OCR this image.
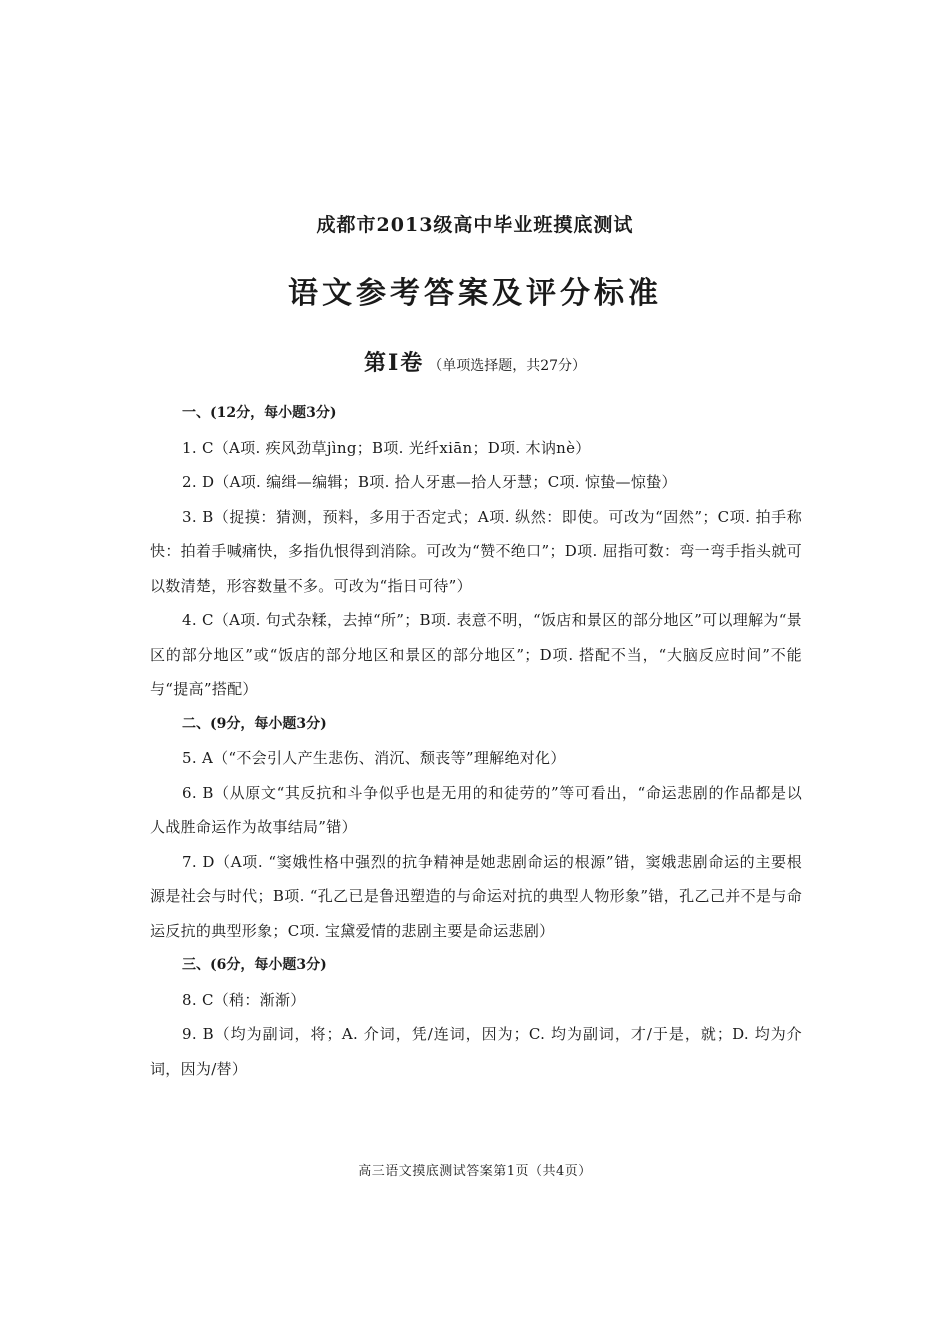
成都市2013级高中毕业班摸底测试
语文参考答案及评分标准
第Ⅰ卷 （单项选择题，共27分）

一、(12分，每小题3分)

1. C（A项. 疾风劲草jìng；B项. 光纤xiān；D项. 木讷nè）

2. D（A项. 编缉—编辑；B项. 拾人牙惠—拾人牙慧；C项. 惊蛰—惊蛰）

3. B（捉摸：猜测，预料，多用于否定式；A项. 纵然：即使。可改为“固然”；C项. 拍手称快：拍着手喊痛快，多指仇恨得到消除。可改为“赞不绝口”；D项. 屈指可数：弯一弯手指头就可以数清楚，形容数量不多。可改为“指日可待”）

4. C（A项. 句式杂糅，去掉“所”；B项. 表意不明，“饭店和景区的部分地区”可以理解为“景区的部分地区”或“饭店的部分地区和景区的部分地区”；D项. 搭配不当，“大脑反应时间”不能与“提高”搭配）

二、(9分，每小题3分)

5. A（“不会引人产生悲伤、消沉、颓丧等”理解绝对化）

6. B（从原文“其反抗和斗争似乎也是无用的和徒劳的”等可看出，“命运悲剧的作品都是以人战胜命运作为故事结局”错）

7. D（A项. “窦娥性格中强烈的抗争精神是她悲剧命运的根源”错，窦娥悲剧命运的主要根源是社会与时代；B项. “孔乙已是鲁迅塑造的与命运对抗的典型人物形象”错，孔乙己并不是与命运反抗的典型形象；C项. 宝黛爱情的悲剧主要是命运悲剧）

三、(6分，每小题3分)

8. C（稍：渐渐）

9. B（均为副词，将；A. 介词，凭/连词，因为；C. 均为副词，才/于是，就；D. 均为介词，因为/替）

高三语文摸底测试答案第1页（共4页）
